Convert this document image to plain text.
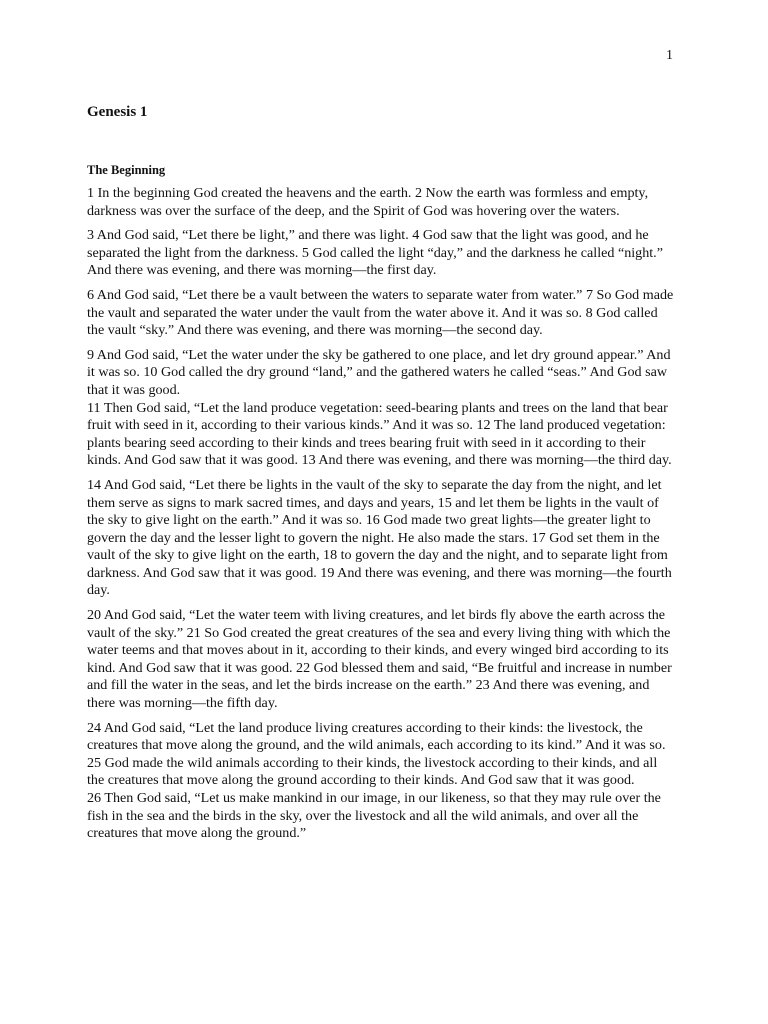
1
Genesis 1
The Beginning

1 In the beginning God created the heavens and the earth. 2 Now the earth was formless and empty, darkness was over the surface of the deep, and the Spirit of God was hovering over the waters.

3 And God said, “Let there be light,” and there was light. 4 God saw that the light was good, and he separated the light from the darkness. 5 God called the light “day,” and the darkness he called “night.” And there was evening, and there was morning—the first day.

6 And God said, “Let there be a vault between the waters to separate water from water.” 7 So God made the vault and separated the water under the vault from the water above it. And it was so. 8 God called the vault “sky.” And there was evening, and there was morning—the second day.

9 And God said, “Let the water under the sky be gathered to one place, and let dry ground appear.” And it was so. 10 God called the dry ground “land,” and the gathered waters he called “seas.” And God saw that it was good.

11 Then God said, “Let the land produce vegetation: seed-bearing plants and trees on the land that bear fruit with seed in it, according to their various kinds.” And it was so. 12 The land produced vegetation: plants bearing seed according to their kinds and trees bearing fruit with seed in it according to their kinds. And God saw that it was good. 13 And there was evening, and there was morning—the third day.

14 And God said, “Let there be lights in the vault of the sky to separate the day from the night, and let them serve as signs to mark sacred times, and days and years, 15 and let them be lights in the vault of the sky to give light on the earth.” And it was so. 16 God made two great lights—the greater light to govern the day and the lesser light to govern the night. He also made the stars. 17 God set them in the vault of the sky to give light on the earth, 18 to govern the day and the night, and to separate light from darkness. And God saw that it was good. 19 And there was evening, and there was morning—the fourth day.

20 And God said, “Let the water teem with living creatures, and let birds fly above the earth across the vault of the sky.” 21 So God created the great creatures of the sea and every living thing with which the water teems and that moves about in it, according to their kinds, and every winged bird according to its kind. And God saw that it was good. 22 God blessed them and said, “Be fruitful and increase in number and fill the water in the seas, and let the birds increase on the earth.” 23 And there was evening, and there was morning—the fifth day.

24 And God said, “Let the land produce living creatures according to their kinds: the livestock, the creatures that move along the ground, and the wild animals, each according to its kind.” And it was so. 25 God made the wild animals according to their kinds, the livestock according to their kinds, and all the creatures that move along the ground according to their kinds. And God saw that it was good.

26 Then God said, “Let us make mankind in our image, in our likeness, so that they may rule over the fish in the sea and the birds in the sky, over the livestock and all the wild animals, and over all the creatures that move along the ground.”
